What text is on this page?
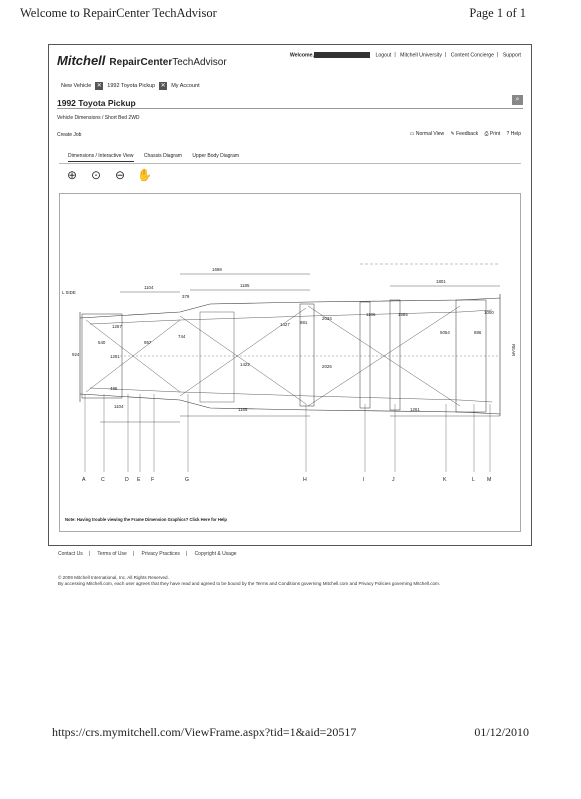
Welcome to RepairCenter TechAdvisor	Page 1 of 1
Mitchell RepairCenterTechAdvisor
Welcome,	Logout | Mitchell University | Content Concierge | Support
New Vehicle ✕ 1992 Toyota Pickup ✕ My Account
1992 Toyota Pickup	⌕
Vehicle Dimensions / Short Bed 2WD
Create Job	▭ Normal View ✎ Feedback ⎙ Print ? Help
Dimensions / Interactive View Chassis Diagram Upper Body Diagram
⊕ ⊙ ⊖ ✋
1698
1104
379
1185
1801
1427
2034
1106	1685	1000
1257
540
744
957
1251
5054	886
924
486
1422	2026
981
1104
1165	1261
L SIDE
REAR
A	C	D E F	G	H	I	J	K	L M
Note: Having trouble viewing the Frame Dimension Graphics? Click Here for Help
Contact Us | Terms of Use | Privacy Practices | Copyright & Usage
© 2009 Mitchell International, Inc. All Rights Reserved.
By accessing Mitchell.com, each user agrees that they have read and agreed to be bound by the Terms and Conditions governing Mitchell.com and Privacy Policies governing Mitchell.com.
https://crs.mymitchell.com/ViewFrame.aspx?tid=1&aid=20517	01/12/2010
